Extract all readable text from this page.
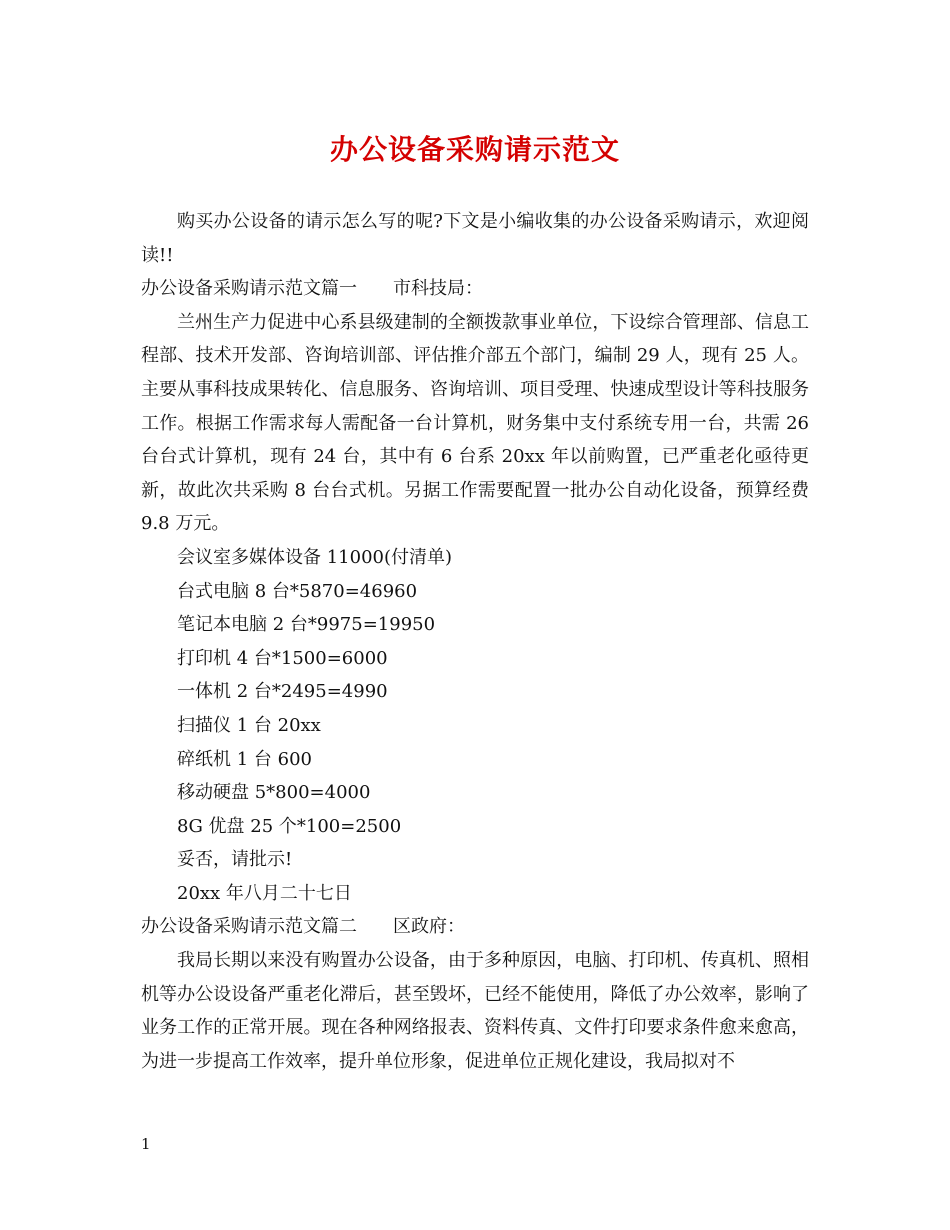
办公设备采购请示范文

购买办公设备的请示怎么写的呢?下文是小编收集的办公设备采购请示，欢迎阅读!!

办公设备采购请示范文篇一 市科技局：

兰州生产力促进中心系县级建制的全额拨款事业单位，下设综合管理部、信息工程部、技术开发部、咨询培训部、评估推介部五个部门，编制 29 人，现有 25 人。主要从事科技成果转化、信息服务、咨询培训、项目受理、快速成型设计等科技服务工作。根据工作需求每人需配备一台计算机，财务集中支付系统专用一台，共需 26 台台式计算机，现有 24 台，其中有 6 台系 20xx 年以前购置，已严重老化亟待更新，故此次共采购 8 台台式机。另据工作需要配置一批办公自动化设备，预算经费 9.8 万元。

会议室多媒体设备 11000(付清单)

台式电脑 8 台*5870=46960

笔记本电脑 2 台*9975=19950

打印机 4 台*1500=6000

一体机 2 台*2495=4990

扫描仪 1 台 20xx

碎纸机 1 台 600

移动硬盘 5*800=4000

8G 优盘 25 个*100=2500

妥否，请批示!

20xx 年八月二十七日

办公设备采购请示范文篇二 区政府：

我局长期以来没有购置办公设备，由于多种原因，电脑、打印机、传真机、照相机等办公设设备严重老化滞后，甚至毁坏，已经不能使用，降低了办公效率，影响了业务工作的正常开展。现在各种网络报表、资料传真、文件打印要求条件愈来愈高，为进一步提高工作效率，提升单位形象，促进单位正规化建设，我局拟对不

1
